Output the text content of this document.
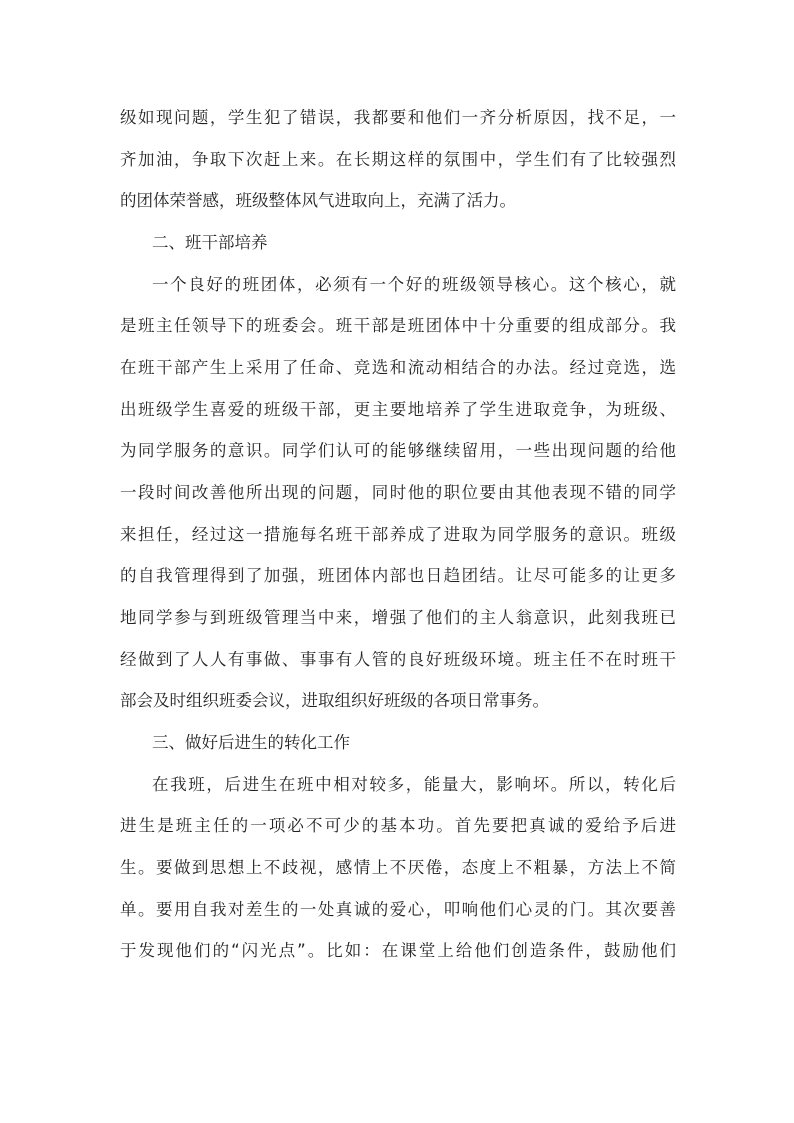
级如现问题，学生犯了错误，我都要和他们一齐分析原因，找不足，一
齐加油，争取下次赶上来。在长期这样的氛围中，学生们有了比较强烈
的团体荣誉感，班级整体风气进取向上，充满了活力。
二、班干部培养
一个良好的班团体，必须有一个好的班级领导核心。这个核心，就
是班主任领导下的班委会。班干部是班团体中十分重要的组成部分。我
在班干部产生上采用了任命、竞选和流动相结合的办法。经过竞选，选
出班级学生喜爱的班级干部，更主要地培养了学生进取竞争，为班级、
为同学服务的意识。同学们认可的能够继续留用，一些出现问题的给他
一段时间改善他所出现的问题，同时他的职位要由其他表现不错的同学
来担任，经过这一措施每名班干部养成了进取为同学服务的意识。班级
的自我管理得到了加强，班团体内部也日趋团结。让尽可能多的让更多
地同学参与到班级管理当中来，增强了他们的主人翁意识，此刻我班已
经做到了人人有事做、事事有人管的良好班级环境。班主任不在时班干
部会及时组织班委会议，进取组织好班级的各项日常事务。
三、做好后进生的转化工作
在我班，后进生在班中相对较多，能量大，影响坏。所以，转化后
进生是班主任的一项必不可少的基本功。首先要把真诚的爱给予后进
生。要做到思想上不歧视，感情上不厌倦，态度上不粗暴，方法上不简
单。要用自我对差生的一处真诚的爱心，叩响他们心灵的门。其次要善
于发现他们的“闪光点”。比如：在课堂上给他们创造条件，鼓励他们
